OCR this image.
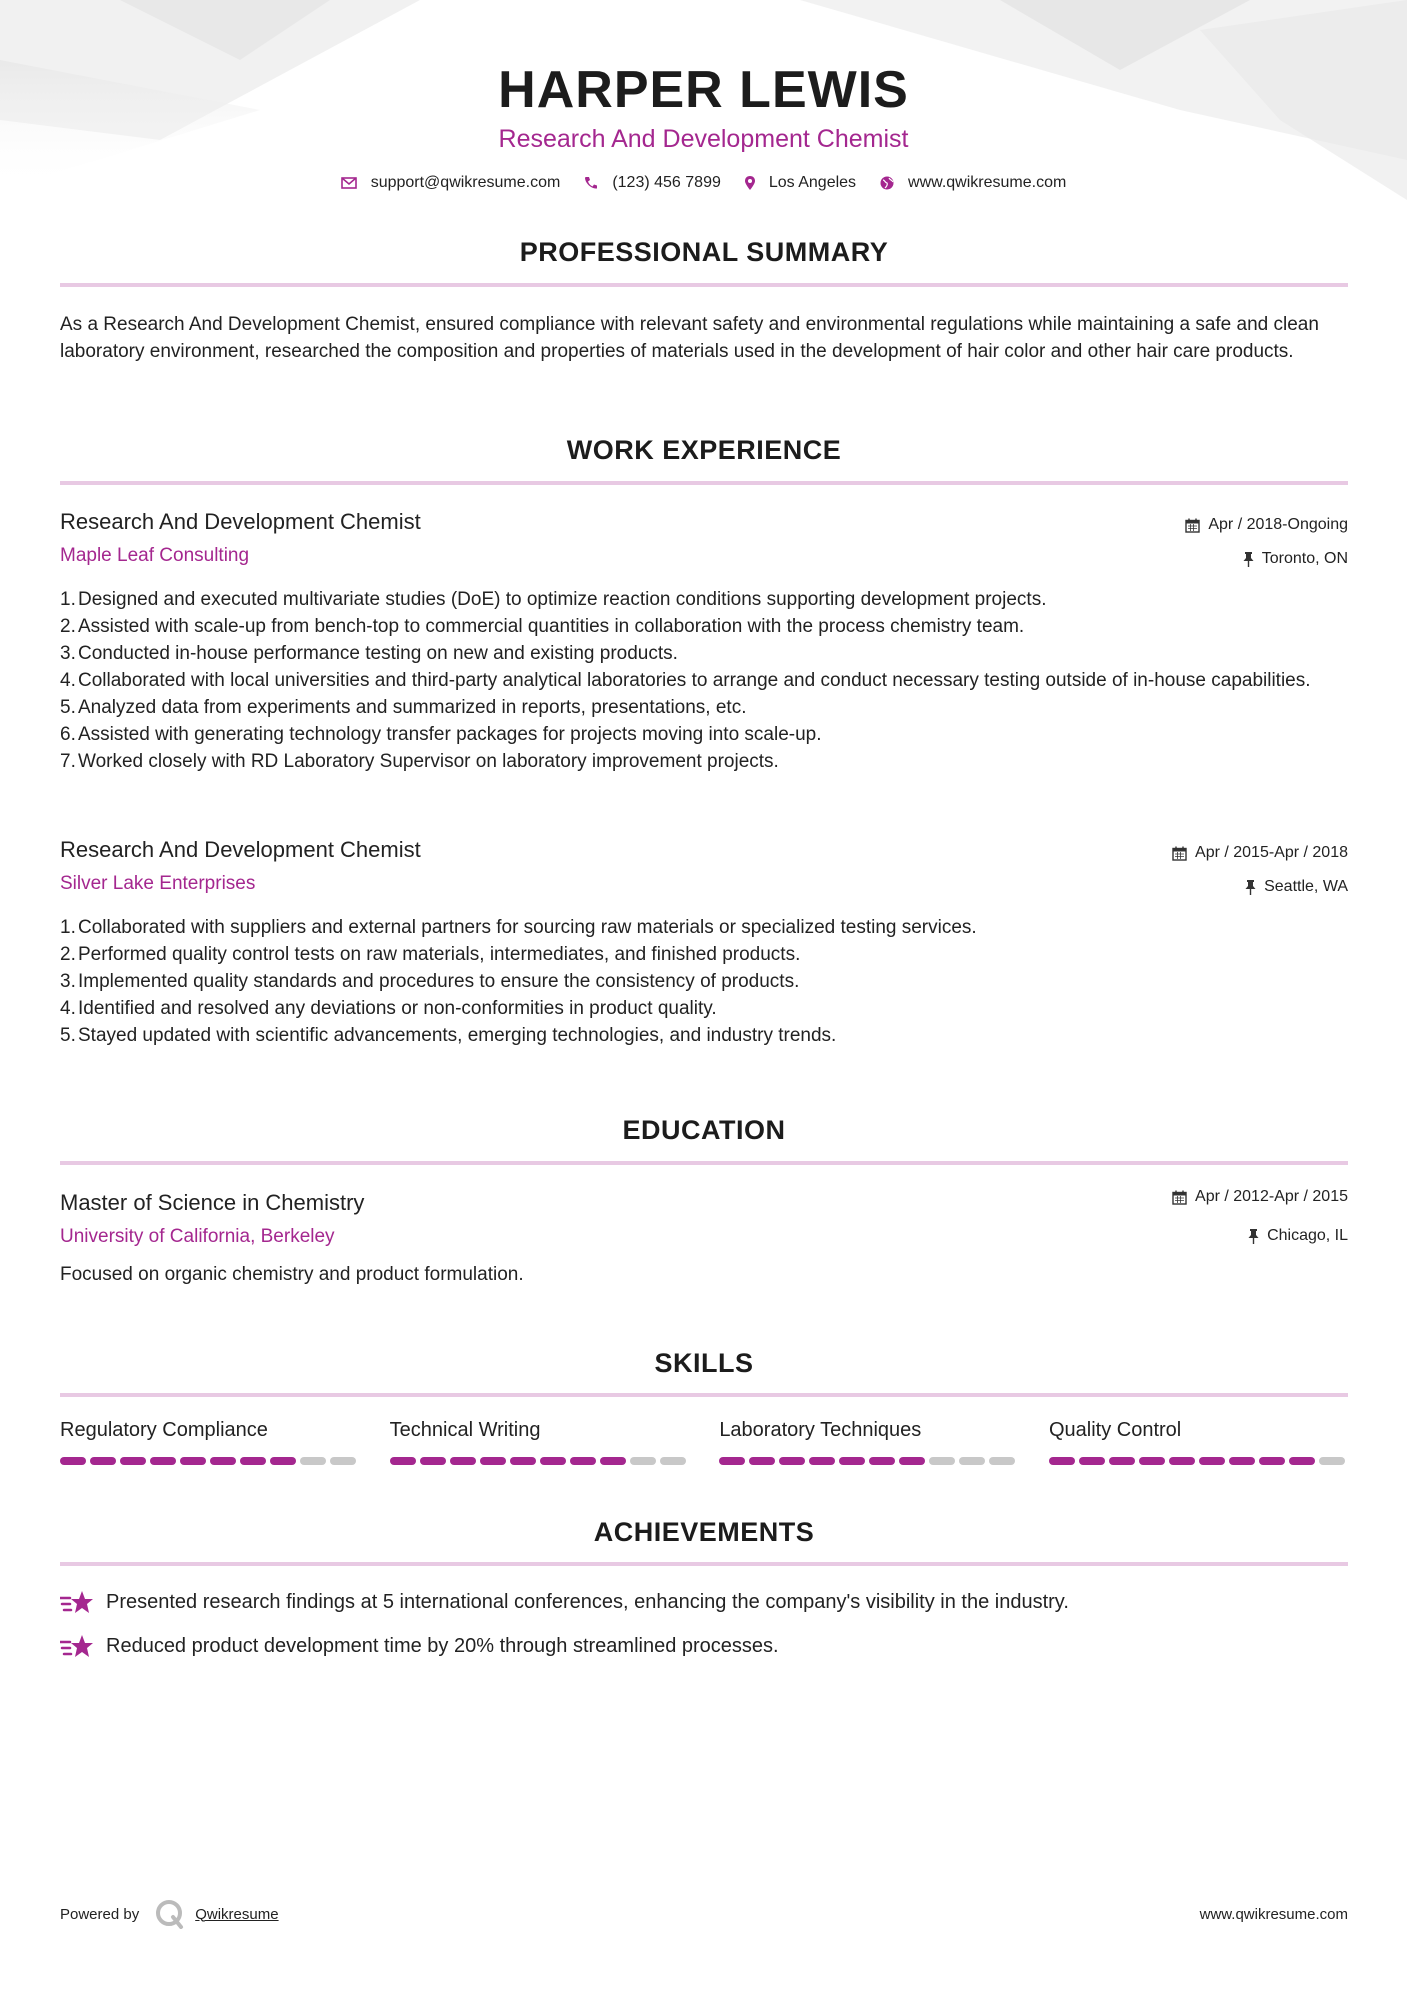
HARPER LEWIS
Research And Development Chemist
support@qwikresume.com	(123) 456 7899	Los Angeles	www.qwikresume.com
PROFESSIONAL SUMMARY
As a Research And Development Chemist, ensured compliance with relevant safety and environmental regulations while maintaining a safe and clean laboratory environment, researched the composition and properties of materials used in the development of hair color and other hair care products.
WORK EXPERIENCE
Research And Development Chemist
Maple Leaf Consulting
Apr / 2018-Ongoing
Toronto, ON
1. Designed and executed multivariate studies (DoE) to optimize reaction conditions supporting development projects.
2. Assisted with scale-up from bench-top to commercial quantities in collaboration with the process chemistry team.
3. Conducted in-house performance testing on new and existing products.
4. Collaborated with local universities and third-party analytical laboratories to arrange and conduct necessary testing outside of in-house capabilities.
5. Analyzed data from experiments and summarized in reports, presentations, etc.
6. Assisted with generating technology transfer packages for projects moving into scale-up.
7. Worked closely with RD Laboratory Supervisor on laboratory improvement projects.
Research And Development Chemist
Silver Lake Enterprises
Apr / 2015-Apr / 2018
Seattle, WA
1. Collaborated with suppliers and external partners for sourcing raw materials or specialized testing services.
2. Performed quality control tests on raw materials, intermediates, and finished products.
3. Implemented quality standards and procedures to ensure the consistency of products.
4. Identified and resolved any deviations or non-conformities in product quality.
5. Stayed updated with scientific advancements, emerging technologies, and industry trends.
EDUCATION
Master of Science in Chemistry
University of California, Berkeley
Apr / 2012-Apr / 2015
Chicago, IL
Focused on organic chemistry and product formulation.
SKILLS
Regulatory Compliance	Technical Writing	Laboratory Techniques	Quality Control
ACHIEVEMENTS
Presented research findings at 5 international conferences, enhancing the company's visibility in the industry.
Reduced product development time by 20% through streamlined processes.
Powered by	Qwikresume	www.qwikresume.com
